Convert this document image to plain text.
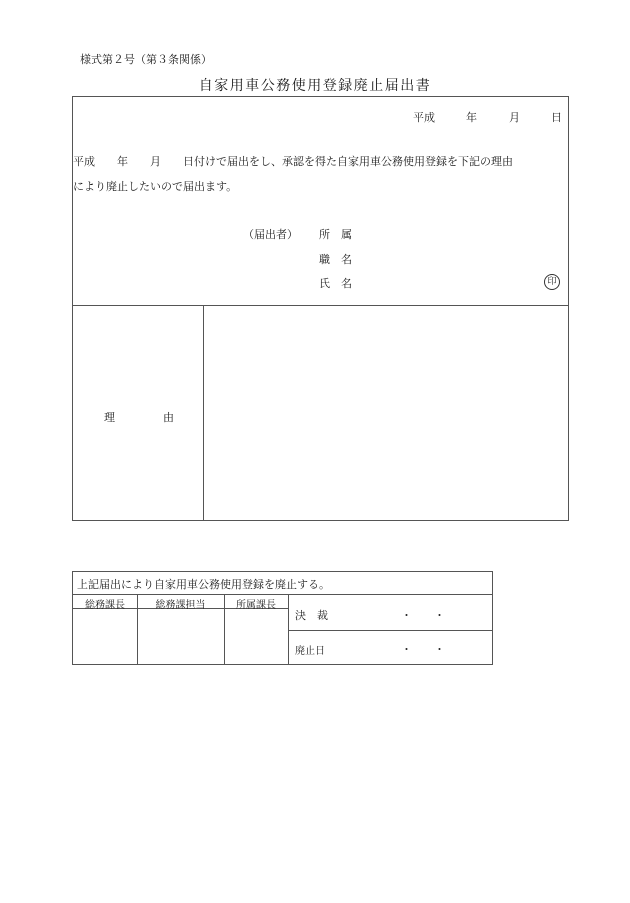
様式第２号（第３条関係）
自家用車公務使用登録廃止届出書
平成	年	月	日
平成　　年　　月　　日付けで届出をし、承認を得た自家用車公務使用登録を下記の理由
により廃止したいので届出ます。
（届出者） 所　属
職　名
氏　名	印
理	由
上記届出により自家用車公務使用登録を廃止する。
総務課長	総務課担当	所属課長
決　裁	・　　・
廃止日	・　　・
